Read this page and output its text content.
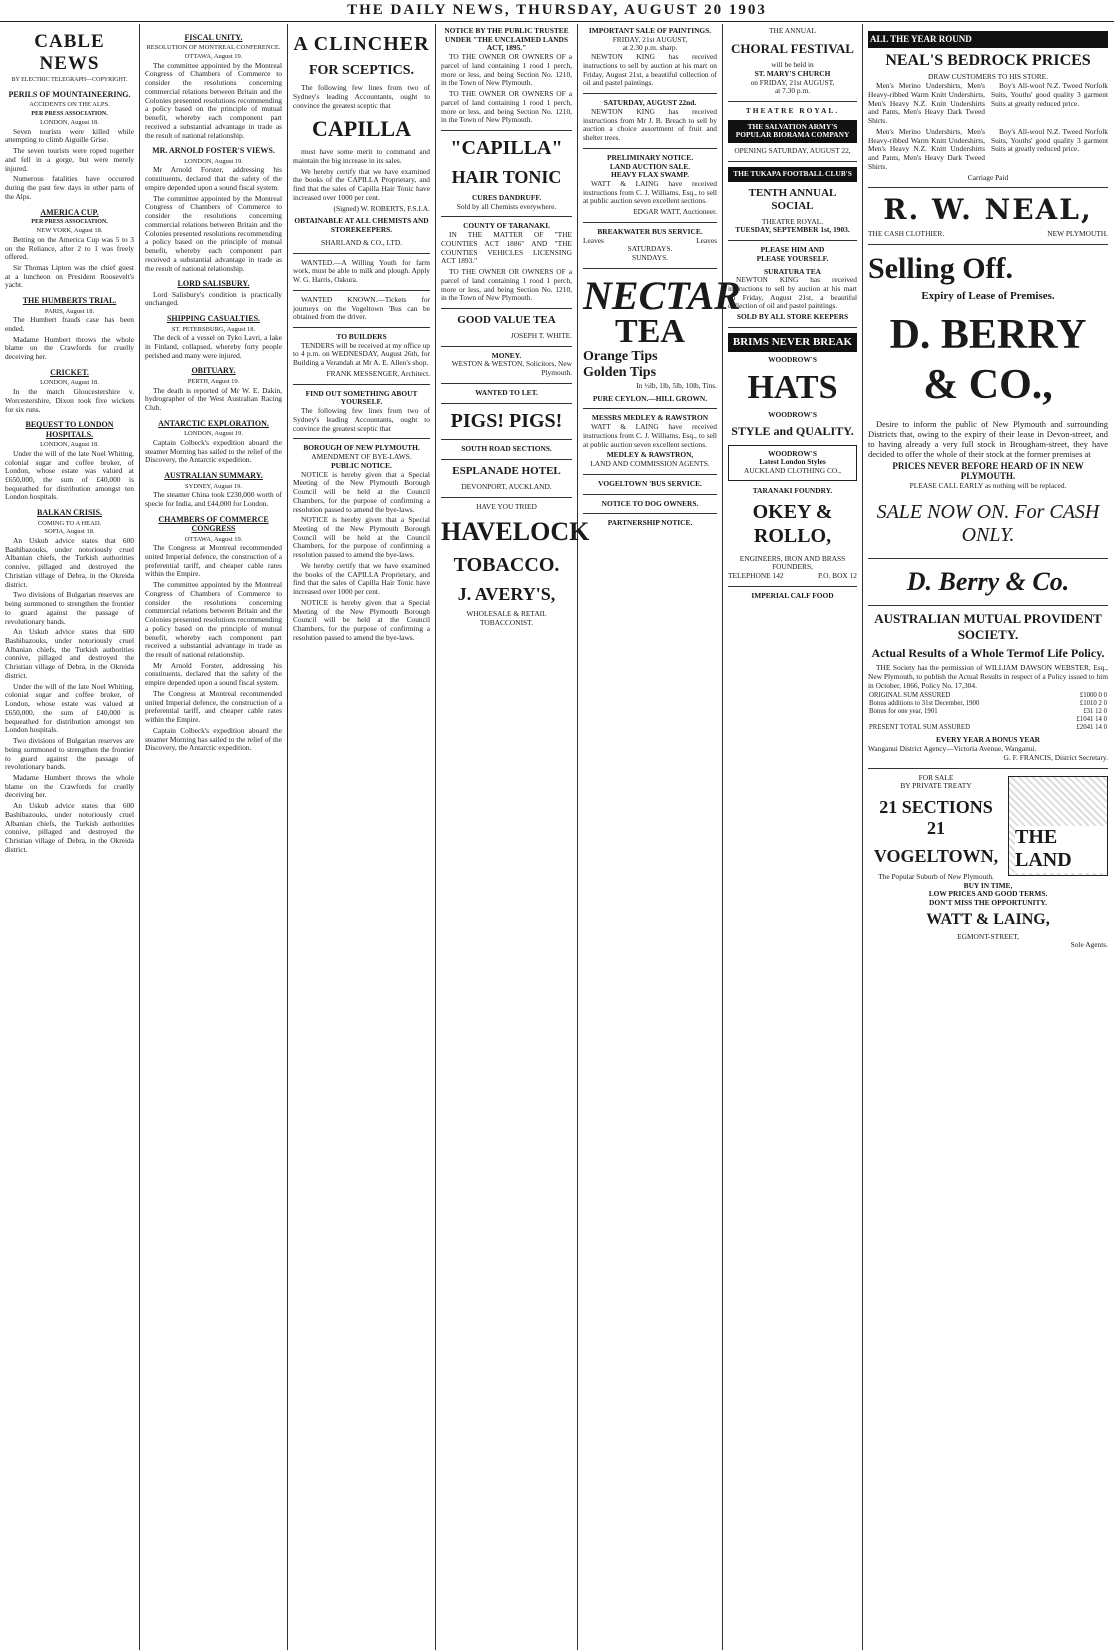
THE DAILY NEWS, THURSDAY, AUGUST 20 1903
CABLE NEWS
BY ELECTRIC TELEGRAPH—COPYRIGHT.
PERILS OF MOUNTAINEERING.
ACCIDENTS ON THE ALPS.
PER PRESS ASSOCIATION.
LONDON, August 18.

Seven tourists were killed while attempting to climb Aiguille Grise.

The seven tourists were roped together and fell in a gorge, but were merely injured.

Numerous fatalities have occurred during the past few days in other parts of the Alps.

AMERICA CUP.
PER PRESS ASSOCIATION.
NEW YORK, August 18.

Betting on the America Cup was 5 to 3 on the Reliance, after 2 to 1 was freely offered.

Sir Thomas Lipton was the chief guest at a luncheon on President Roosevelt's yacht.

THE HUMBERTS TRIAL.
PARIS, August 18.

The Humbert frauds case has been ended.

Madame Humbert throws the whole blame on the Crawfords for cruelly deceiving her.

CRICKET.
LONDON, August 18.

In the match Gloucestershire v. Worcestershire, Dixon took five wickets for six runs.

BEQUEST TO LONDON HOSPITALS.
LONDON, August 18.

Under the will of the late Noel Whiting, colonial sugar and coffee broker, of London, whose estate was valued at £650,000, the sum of £40,000 is bequeathed for distribution amongst ten London hospitals.

BALKAN CRISIS.
COMING TO A HEAD.
SOFIA, August 18.

An Uskub advice states that 600 Bashibazouks, under notoriously cruel Albanian chiefs, the Turkish authorities connive, pillaged and destroyed the Christian village of Debra, in the Okreida district.

Two divisions of Bulgarian reserves are being summoned to strengthen the frontier to guard against the passage of revolutionary bands.

An Uskub advice states that 600 Bashibazouks, under notoriously cruel Albanian chiefs, the Turkish authorities connive, pillaged and destroyed the Christian village of Debra, in the Okreida district.

Under the will of the late Noel Whiting, colonial sugar and coffee broker, of London, whose estate was valued at £650,000, the sum of £40,000 is bequeathed for distribution amongst ten London hospitals.

Two divisions of Bulgarian reserves are being summoned to strengthen the frontier to guard against the passage of revolutionary bands.

Madame Humbert throws the whole blame on the Crawfords for cruelly deceiving her.

An Uskub advice states that 600 Bashibazouks, under notoriously cruel Albanian chiefs, the Turkish authorities connive, pillaged and destroyed the Christian village of Debra, in the Okreida district.

FISCAL UNITY.
RESOLUTION OF MONTREAL CONFERENCE.
OTTAWA, August 19.

The committee appointed by the Montreal Congress of Chambers of Commerce to consider the resolutions concerning commercial relations between Britain and the Colonies presented resolutions recommending a policy based on the principle of mutual benefit, whereby each component part received a substantial advantage in trade as the result of national relationship.

MR. ARNOLD FOSTER'S VIEWS.
LONDON, August 19.

Mr Arnold Forster, addressing his constituents, declared that the safety of the empire depended upon a sound fiscal system.

The committee appointed by the Montreal Congress of Chambers of Commerce to consider the resolutions concerning commercial relations between Britain and the Colonies presented resolutions recommending a policy based on the principle of mutual benefit, whereby each component part received a substantial advantage in trade as the result of national relationship.

LORD SALISBURY.

Lord Salisbury's condition is practically unchanged.

SHIPPING CASUALTIES.
ST. PETERSBURG, August 18.

The deck of a vessel on Tyko Lavri, a lake in Finland, collapsed, whereby forty people perished and many were injured.

OBITUARY.
PERTH, August 19.

The death is reported of Mr W. E. Dakin, hydrographer of the West Australian Racing Club.

ANTARCTIC EXPLORATION.
LONDON, August 19.

Captain Colbeck's expedition aboard the steamer Morning has sailed to the relief of the Discovery, the Antarctic expedition.

AUSTRALIAN SUMMARY.
SYDNEY, August 19.

The steamer China took £230,000 worth of specie for India, and £44,000 for London.

CHAMBERS OF COMMERCE CONGRESS
OTTAWA, August 19.

The Congress at Montreal recommended united Imperial defence, the construction of a preferential tariff, and cheaper cable rates within the Empire.

The committee appointed by the Montreal Congress of Chambers of Commerce to consider the resolutions concerning commercial relations between Britain and the Colonies presented resolutions recommending a policy based on the principle of mutual benefit, whereby each component part received a substantial advantage in trade as the result of national relationship.

Mr Arnold Forster, addressing his constituents, declared that the safety of the empire depended upon a sound fiscal system.

The Congress at Montreal recommended united Imperial defence, the construction of a preferential tariff, and cheaper cable rates within the Empire.

Captain Colbeck's expedition aboard the steamer Morning has sailed to the relief of the Discovery, the Antarctic expedition.

A CLINCHER
FOR SCEPTICS.

The following few lines from two of Sydney's leading Accountants, ought to convince the greatest sceptic that

CAPILLA

must have some merit to command and maintain the big increase in its sales.

We hereby certify that we have examined the books of the CAPILLA Proprietary, and find that the sales of Capilla Hair Tonic have increased over 1000 per cent.

(Signed) W. ROBERTS, F.S.I.A.
OBTAINABLE AT ALL CHEMISTS AND STOREKEEPERS.
SHARLAND & CO., LTD.

WANTED.—A Willing Youth for farm work, must be able to milk and plough. Apply W. G. Harris, Oakura.

WANTED KNOWN.—Tickets for journeys on the Vogeltown 'Bus can be obtained from the driver.

TO BUILDERS

TENDERS will be received at my office up to 4 p.m. on WEDNESDAY, August 26th, for Building a Verandah at Mr A. E. Allen's shop.

FRANK MESSENGER, Architect.
FIND OUT SOMETHING ABOUT YOURSELF.

The following few lines from two of Sydney's leading Accountants, ought to convince the greatest sceptic that

BOROUGH OF NEW PLYMOUTH.
AMENDMENT OF BYE-LAWS.
PUBLIC NOTICE.

NOTICE is hereby given that a Special Meeting of the New Plymouth Borough Council will be held at the Council Chambers, for the purpose of confirming a resolution passed to amend the bye-laws.

NOTICE is hereby given that a Special Meeting of the New Plymouth Borough Council will be held at the Council Chambers, for the purpose of confirming a resolution passed to amend the bye-laws.

We hereby certify that we have examined the books of the CAPILLA Proprietary, and find that the sales of Capilla Hair Tonic have increased over 1000 per cent.

NOTICE is hereby given that a Special Meeting of the New Plymouth Borough Council will be held at the Council Chambers, for the purpose of confirming a resolution passed to amend the bye-laws.

NOTICE BY THE PUBLIC TRUSTEE UNDER "THE UNCLAIMED LANDS ACT, 1895."

TO THE OWNER OR OWNERS OF a parcel of land containing 1 rood 1 perch, more or less, and being Section No. 1210, in the Town of New Plymouth.

TO THE OWNER OR OWNERS OF a parcel of land containing 1 rood 1 perch, more or less, and being Section No. 1210, in the Town of New Plymouth.

"CAPILLA"
HAIR TONIC
CURES DANDRUFF.
Sold by all Chemists everywhere.
COUNTY OF TARANAKI.

IN THE MATTER OF "THE COUNTIES ACT 1886" AND "THE COUNTIES VEHICLES LICENSING ACT 1893."

TO THE OWNER OR OWNERS OF a parcel of land containing 1 rood 1 perch, more or less, and being Section No. 1210, in the Town of New Plymouth.

GOOD VALUE TEA
JOSEPH T. WHITE.
MONEY.
WESTON & WESTON, Solicitors, New Plymouth.
WANTED TO LET.
PIGS! PIGS!
SOUTH ROAD SECTIONS.
ESPLANADE HOTEL
DEVONPORT, AUCKLAND.
HAVE YOU TRIED
HAVELOCK
TOBACCO.
J. AVERY'S,
WHOLESALE & RETAIL TOBACCONIST.
IMPORTANT SALE OF PAINTINGS.
FRIDAY, 21st AUGUST,
at 2.30 p.m. sharp.

NEWTON KING has received instructions to sell by auction at his mart on Friday, August 21st, a beautiful collection of oil and pastel paintings.

SATURDAY, AUGUST 22nd.

NEWTON KING has received instructions from Mr J. B. Breach to sell by auction a choice assortment of fruit and shelter trees.

PRELIMINARY NOTICE.
LAND AUCTION SALE.
HEAVY FLAX SWAMP.

WATT & LAING have received instructions from C. J. Williams, Esq., to sell at public auction seven excellent sections.

EDGAR WATT, Auctioneer.
BREAKWATER BUS SERVICE.
Leaves	Leaves
SATURDAYS.
SUNDAYS.
NECTAR
TEA
Orange Tips
Golden Tips
In ½lb, 1lb, 5lb, 10lb, Tins.
PURE CEYLON.—HILL GROWN.
MESSRS MEDLEY & RAWSTRON

WATT & LAING have received instructions from C. J. Williams, Esq., to sell at public auction seven excellent sections.

MEDLEY & RAWSTRON,
LAND AND COMMISSION AGENTS.
VOGELTOWN 'BUS SERVICE.
NOTICE TO DOG OWNERS.
PARTNERSHIP NOTICE.
THE ANNUAL
CHORAL FESTIVAL
will be held in
ST. MARY'S CHURCH
on FRIDAY, 21st AUGUST,
at 7.30 p.m.
THEATRE ROYAL.
THE SALVATION ARMY'S POPULAR BIORAMA COMPANY
OPENING SATURDAY, AUGUST 22,
THE TUKAPA FOOTBALL CLUB'S
TENTH ANNUAL SOCIAL
THEATRE ROYAL.
TUESDAY, SEPTEMBER 1st, 1903.
PLEASE HIM AND
PLEASE YOURSELF.
SURATURA TEA

NEWTON KING has received instructions to sell by auction at his mart on Friday, August 21st, a beautiful collection of oil and pastel paintings.

SOLD BY ALL STORE KEEPERS
BRIMS NEVER BREAK
WOODROW'S
HATS
WOODROW'S
STYLE and QUALITY.
WOODROW'S
Latest London Styles
AUCKLAND CLOTHING CO.,
TARANAKI FOUNDRY.
OKEY & ROLLO,
ENGINEERS, IRON AND BRASS FOUNDERS,
TELEPHONE 142	P.O. BOX 12
IMPERIAL CALF FOOD
ALL THE YEAR ROUND
NEAL'S BEDROCK PRICES
DRAW CUSTOMERS TO HIS STORE.

Men's Merino Undershirts, Men's Heavy-ribbed Warm Knitt Undershirts, Men's Heavy N.Z. Knitt Undershirts and Pants, Men's Heavy Dark Tweed Shirts.

Boy's All-wool N.Z. Tweed Norfolk Suits, Youths' good quality 3 garment Suits at greatly reduced price.

Men's Merino Undershirts, Men's Heavy-ribbed Warm Knitt Undershirts, Men's Heavy N.Z. Knitt Undershirts and Pants, Men's Heavy Dark Tweed Shirts.

Boy's All-wool N.Z. Tweed Norfolk Suits, Youths' good quality 3 garment Suits at greatly reduced price.

Carriage Paid
R. W. NEAL,
THE CASH CLOTHIER.	NEW PLYMOUTH.
Selling Off.
Expiry of Lease of Premises.
D. BERRY & CO.,

Desire to inform the public of New Plymouth and surrounding Districts that, owing to the expiry of their lease in Devon-street, and to having already a very full stock in Brougham-street, they have decided to offer the whole of their stock at the former premises at

PRICES NEVER BEFORE HEARD OF IN NEW PLYMOUTH.
PLEASE CALL EARLY as nothing will be replaced.
SALE NOW ON. For CASH ONLY.
D. Berry & Co.
AUSTRALIAN MUTUAL PROVIDENT SOCIETY.
Actual Results of a Whole Termof Life Policy.

THE Society has the permission of WILLIAM DAWSON WEBSTER, Esq., New Plymouth, to publish the Actual Results in respect of a Policy issued to him in October, 1866, Policy No. 17,304.

ORIGINAL SUM ASSURED	£1000 0 0
Bonus additions to 31st December, 1900	£1010 2 0
Bonus for one year, 1901	£31 12 0
	£1041 14 0
PRESENT TOTAL SUM ASSURED	£2041 14 0
EVERY YEAR A BONUS YEAR
Wanganui District Agency—Victoria Avenue, Wanganui.
G. F. FRANCIS, District Secretary.
THE LAND
FOR SALE
BY PRIVATE TREATY
21 SECTIONS 21
VOGELTOWN,
The Popular Suburb of New Plymouth.
BUY IN TIME,
LOW PRICES AND GOOD TERMS.
DON'T MISS THE OPPORTUNITY.
WATT & LAING,
EGMONT-STREET,
Sole Agents.
